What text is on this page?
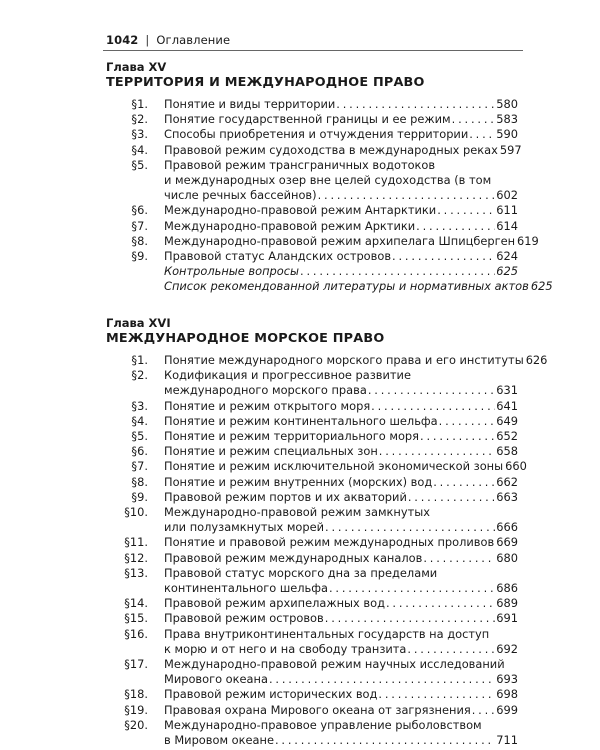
1042 | Оглавление
Глава XV
ТЕРРИТОРИЯ И МЕЖДУНАРОДНОЕ ПРАВО
§1.	Понятие и виды территории . . .	580
§2.	Понятие государственной границы и ее режим . . .	583
§3.	Способы приобретения и отчуждения территории . . . 590
§4.	Правовой режим судоходства в международных реках 597
§5.	Правовой режим трансграничных водотоков
и международных озер вне целей судоходства (в том
числе речных бассейнов) . . .	602
§6.	Международно-правовой режим Антарктики . . .	611
§7.	Международно-правовой режим Арктики . . .	614
§8.	Международно-правовой режим архипелага Шпицберген 619
§9.	Правовой статус Аландских островов . . .	624
Контрольные вопросы . . .	625
Список рекомендованной литературы и нормативных актов 625
Глава XVI
МЕЖДУНАРОДНОЕ МОРСКОЕ ПРАВО
§1.	Понятие международного морского права и его институты 626
§2.	Кодификация и прогрессивное развитие
международного морского права . . .	631
§3.	Понятие и режим открытого моря . . .	641
§4.	Понятие и режим континентального шельфа . . .	649
§5.	Понятие и режим территориального моря . . .	652
§6.	Понятие и режим специальных зон . . .	658
§7.	Понятие и режим исключительной экономической зоны 660
§8.	Понятие и режим внутренних (морских) вод . . .	662
§9.	Правовой режим портов и их акваторий . . .	663
§10.	Международно-правовой режим замкнутых
или полузамкнутых морей . . .	666
§11.	Понятие и правовой режим международных проливов . . . 669
§12.	Правовой режим международных каналов . . .	680
§13.	Правовой статус морского дна за пределами
континентального шельфа . . .	686
§14.	Правовой режим архипелажных вод . . .	689
§15.	Правовой режим островов . . .	691
§16.	Права внутриконтинентальных государств на доступ
к морю и от него и на свободу транзита . . .	692
§17.	Международно-правовой режим научных исследований
Мирового океана . . .	693
§18.	Правовой режим исторических вод . . .	698
§19.	Правовая охрана Мирового океана от загрязнения . . . 699
§20.	Международно-правовое управление рыболовством
в Мировом океане . . .	711
